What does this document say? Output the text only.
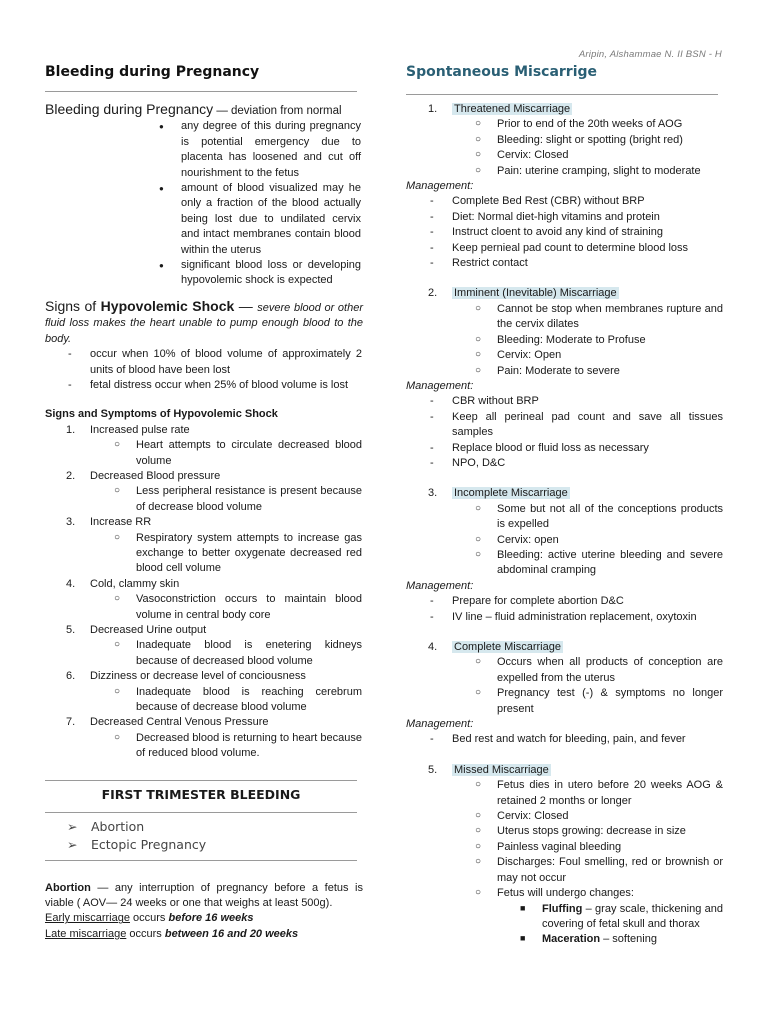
Aripin, Alshammae N. II BSN - H
Bleeding during Pregnancy
Bleeding during Pregnancy — deviation from normal
● any degree of this during pregnancy is potential emergency due to placenta has loosened and cut off nourishment to the fetus
● amount of blood visualized may he only a fraction of the blood actually being lost due to undilated cervix and intact membranes contain blood within the uterus
● significant blood loss or developing hypovolemic shock is expected
Signs of Hypovolemic Shock — severe blood or other fluid loss makes the heart unable to pump enough blood to the body.
- occur when 10% of blood volume of approximately 2 units of blood have been lost
- fetal distress occur when 25% of blood volume is lost
Signs and Symptoms of Hypovolemic Shock
1. Increased pulse rate
○ Heart attempts to circulate decreased blood volume
2. Decreased Blood pressure
○ Less peripheral resistance is present because of decrease blood volume
3. Increase RR
○ Respiratory system attempts to increase gas exchange to better oxygenate decreased red blood cell volume
4. Cold, clammy skin
○ Vasoconstriction occurs to maintain blood volume in central body core
5. Decreased Urine output
○ Inadequate blood is enetering kidneys because of decreased blood volume
6. Dizziness or decrease level of conciousness
○ Inadequate blood is reaching cerebrum because of decrease blood volume
7. Decreased Central Venous Pressure
○ Decreased blood is returning to heart because of reduced blood volume.
FIRST TRIMESTER BLEEDING
➢ Abortion
➢ Ectopic Pregnancy
Abortion — any interruption of pregnancy before a fetus is viable ( AOV— 24 weeks or one that weighs at least 500g).
Early miscarriage occurs before 16 weeks
Late miscarriage occurs between 16 and 20 weeks
Spontaneous Miscarrige
1. Threatened Miscarriage
○ Prior to end of the 20th weeks of AOG
○ Bleeding: slight or spotting (bright red)
○ Cervix: Closed
○ Pain: uterine cramping, slight to moderate
Management:
- Complete Bed Rest (CBR) without BRP
- Diet: Normal diet-high vitamins and protein
- Instruct cloent to avoid any kind of straining
- Keep pernieal pad count to determine blood loss
- Restrict contact
2. Imminent (Inevitable) Miscarriage
○ Cannot be stop when membranes rupture and the cervix dilates
○ Bleeding: Moderate to Profuse
○ Cervix: Open
○ Pain: Moderate to severe
Management:
- CBR without BRP
- Keep all perineal pad count and save all tissues samples
- Replace blood or fluid loss as necessary
- NPO, D&C
3. Incomplete Miscarriage
○ Some but not all of the conceptions products is expelled
○ Cervix: open
○ Bleeding: active uterine bleeding and severe abdominal cramping
Management:
- Prepare for complete abortion D&C
- IV line – fluid administration replacement, oxytoxin
4. Complete Miscarriage
○ Occurs when all products of conception are expelled from the uterus
○ Pregnancy test (-) & symptoms no longer present
Management:
- Bed rest and watch for bleeding, pain, and fever
5. Missed Miscarriage
○ Fetus dies in utero before 20 weeks AOG & retained 2 months or longer
○ Cervix: Closed
○ Uterus stops growing: decrease in size
○ Painless vaginal bleeding
○ Discharges: Foul smelling, red or brownish or may not occur
○ Fetus will undergo changes:
■ Fluffing – gray scale, thickening and covering of fetal skull and thorax
■ Maceration – softening
